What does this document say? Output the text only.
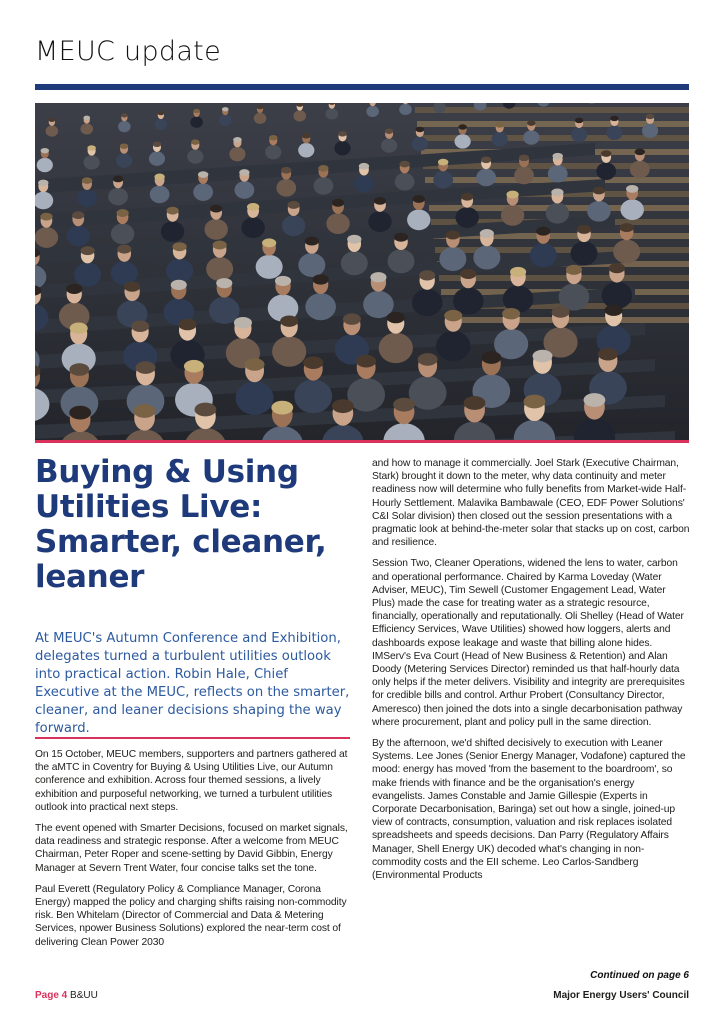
MEUC update
Buying & Using Utilities Live: Smarter, cleaner, leaner
At MEUC's Autumn Conference and Exhibition, delegates turned a turbulent utilities outlook into practical action. Robin Hale, Chief Executive at the MEUC, reflects on the smarter, cleaner, and leaner decisions shaping the way forward.

On 15 October, MEUC members, supporters and partners gathered at the aMTC in Coventry for Buying & Using Utilities Live, our Autumn conference and exhibition. Across four themed sessions, a lively exhibition and purposeful networking, we turned a turbulent utilities outlook into practical next steps.

The event opened with Smarter Decisions, focused on market signals, data readiness and strategic response. After a welcome from MEUC Chairman, Peter Roper and scene-setting by David Gibbin, Energy Manager at Severn Trent Water, four concise talks set the tone.

Paul Everett (Regulatory Policy & Compliance Manager, Corona Energy) mapped the policy and charging shifts raising non-commodity risk. Ben Whitelam (Director of Commercial and Data & Metering Services, npower Business Solutions) explored the near-term cost of delivering Clean Power 2030

and how to manage it commercially. Joel Stark (Executive Chairman, Stark) brought it down to the meter, why data continuity and meter readiness now will determine who fully benefits from Market-wide Half-Hourly Settlement. Malavika Bambawale (CEO, EDF Power Solutions' C&I Solar division) then closed out the session presentations with a pragmatic look at behind-the-meter solar that stacks up on cost, carbon and resilience.

Session Two, Cleaner Operations, widened the lens to water, carbon and operational performance. Chaired by Karma Loveday (Water Adviser, MEUC), Tim Sewell (Customer Engagement Lead, Water Plus) made the case for treating water as a strategic resource, financially, operationally and reputationally. Oli Shelley (Head of Water Efficiency Services, Wave Utilities) showed how loggers, alerts and dashboards expose leakage and waste that billing alone hides. IMServ's Eva Court (Head of New Business & Retention) and Alan Doody (Metering Services Director) reminded us that half-hourly data only helps if the meter delivers. Visibility and integrity are prerequisites for credible bills and control. Arthur Probert (Consultancy Director, Ameresco) then joined the dots into a single decarbonisation pathway where procurement, plant and policy pull in the same direction.

By the afternoon, we'd shifted decisively to execution with Leaner Systems. Lee Jones (Senior Energy Manager, Vodafone) captured the mood: energy has moved 'from the basement to the boardroom', so make friends with finance and be the organisation's energy evangelists. James Constable and Jamie Gillespie (Experts in Corporate Decarbonisation, Baringa) set out how a single, joined-up view of contracts, consumption, valuation and risk replaces isolated spreadsheets and speeds decisions. Dan Parry (Regulatory Affairs Manager, Shell Energy UK) decoded what's changing in non-commodity costs and the EII scheme. Leo Carlos-Sandberg (Environmental Products

Continued on page 6
Page 4 B&UU	Major Energy Users' Council
